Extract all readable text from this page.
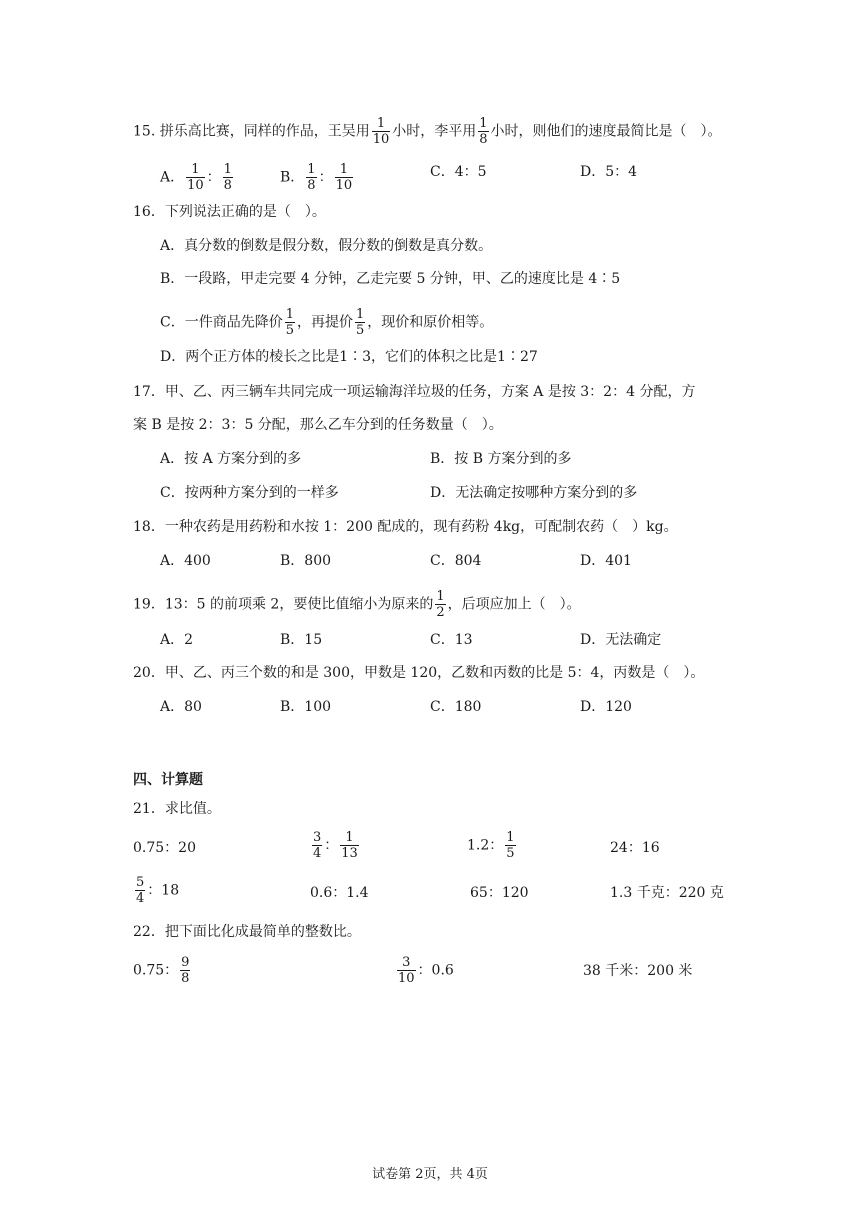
15. 拼乐高比赛，同样的作品，王吴用 $\frac{1}{10}$ 小时，李平用 $\frac{1}{8}$ 小时，则他们的速度最简比是（　）。
A． $\frac{1}{10}$ ： $\frac{1}{8}$	B． $\frac{1}{8}$ ： $\frac{1}{10}$	C．4：5	D．5：4
16．下列说法正确的是（　）。
A．真分数的倒数是假分数，假分数的倒数是真分数。
B．一段路，甲走完要 4 分钟，乙走完要 5 分钟，甲、乙的速度比是 4∶5
C．一件商品先降价 $\frac{1}{5}$ ，再提价 $\frac{1}{5}$ ，现价和原价相等。
D．两个正方体的棱长之比是1∶3，它们的体积之比是1∶27
17．甲、乙、丙三辆车共同完成一项运输海洋垃圾的任务，方案 A 是按 3：2：4 分配，方
案 B 是按 2：3：5 分配，那么乙车分到的任务数量（　）。
A．按 A 方案分到的多	B．按 B 方案分到的多
C．按两种方案分到的一样多	D．无法确定按哪种方案分到的多
18．一种农药是用药粉和水按 1：200 配成的，现有药粉 4kg，可配制农药（　）kg。
A．400	B．800	C．804	D．401
19．13：5 的前项乘 2，要使比值缩小为原来的 $\frac{1}{2}$ ，后项应加上（　）。
A．2	B．15	C．13	D．无法确定
20．甲、乙、丙三个数的和是 300，甲数是 120，乙数和丙数的比是 5：4，丙数是（　）。
A．80	B．100	C．180	D．120
四、计算题
21．求比值。
0.75：20	$\frac{3}{4}$ ： $\frac{1}{13}$	1.2： $\frac{1}{5}$	24：16
$\frac{5}{4}$ ：18	0.6：1.4	65：120	1.3 千克：220 克
22．把下面比化成最简单的整数比。
0.75： $\frac{9}{8}$	$\frac{3}{10}$ ：0.6	38 千米：200 米
试卷第 2页，共 4页
